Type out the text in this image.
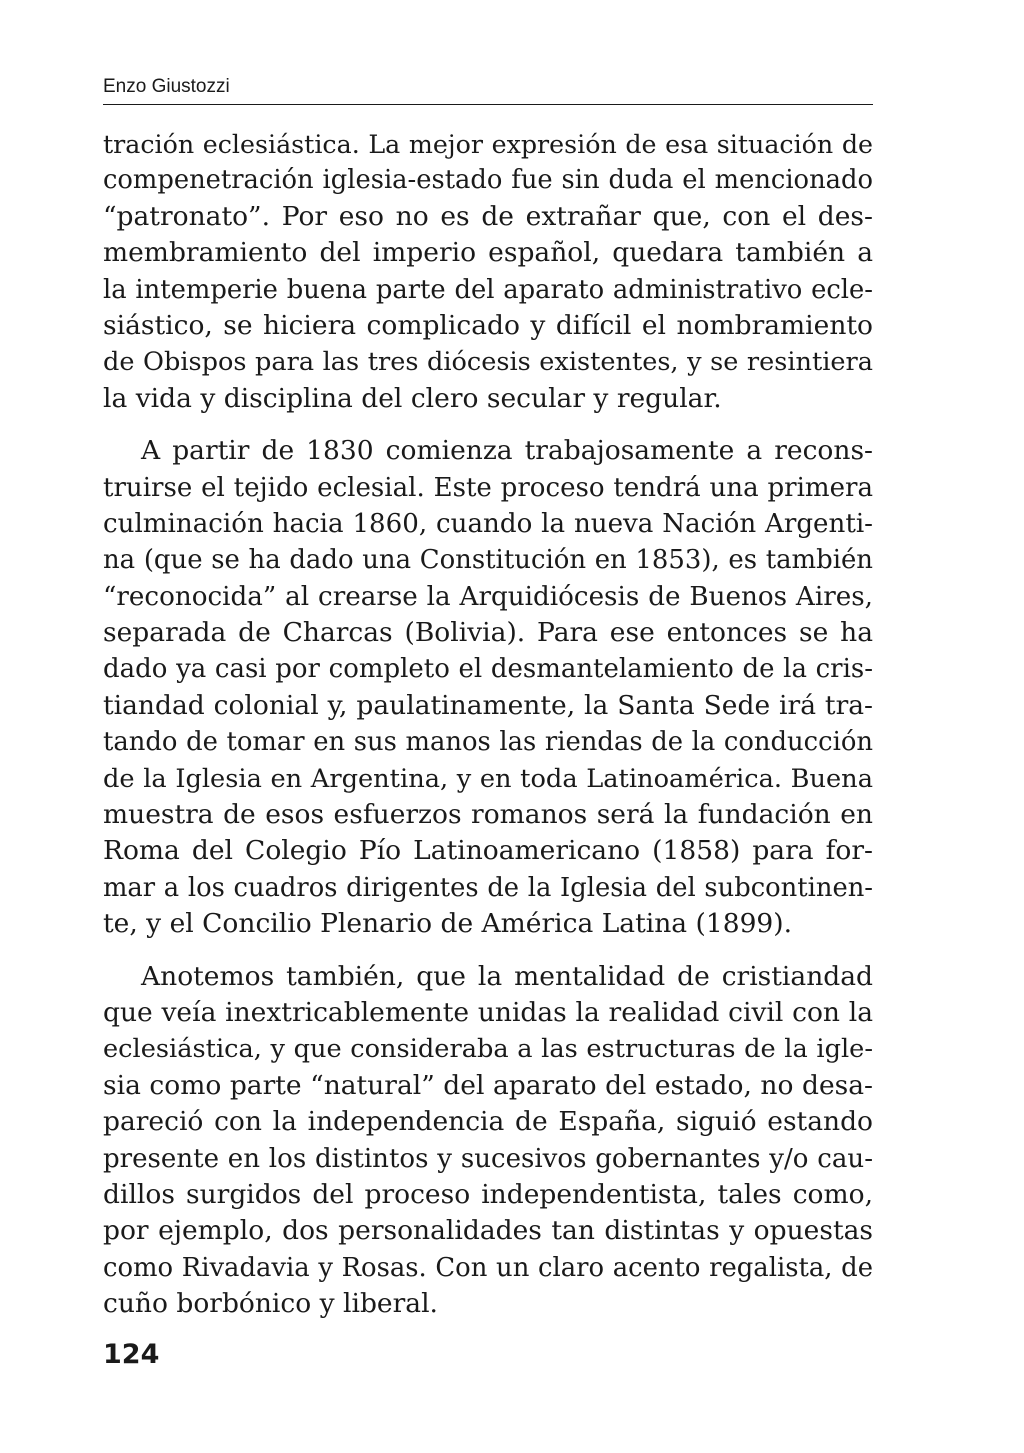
Enzo Giustozzi
tración eclesiástica. La mejor expresión de esa situación de
compenetración iglesia-estado fue sin duda el mencionado
“patronato”. Por eso no es de extrañar que, con el des-
membramiento del imperio español, quedara también a
la intemperie buena parte del aparato administrativo ecle-
siástico, se hiciera complicado y difícil el nombramiento
de Obispos para las tres diócesis existentes, y se resintiera
la vida y disciplina del clero secular y regular.
A partir de 1830 comienza trabajosamente a recons-
truirse el tejido eclesial. Este proceso tendrá una primera
culminación hacia 1860, cuando la nueva Nación Argenti-
na (que se ha dado una Constitución en 1853), es también
“reconocida” al crearse la Arquidiócesis de Buenos Aires,
separada de Charcas (Bolivia). Para ese entonces se ha
dado ya casi por completo el desmantelamiento de la cris-
tiandad colonial y, paulatinamente, la Santa Sede irá tra-
tando de tomar en sus manos las riendas de la conducción
de la Iglesia en Argentina, y en toda Latinoamérica. Buena
muestra de esos esfuerzos romanos será la fundación en
Roma del Colegio Pío Latinoamericano (1858) para for-
mar a los cuadros dirigentes de la Iglesia del subcontinen-
te, y el Concilio Plenario de América Latina (1899).
Anotemos también, que la mentalidad de cristiandad
que veía inextricablemente unidas la realidad civil con la
eclesiástica, y que consideraba a las estructuras de la igle-
sia como parte “natural” del aparato del estado, no desa-
pareció con la independencia de España, siguió estando
presente en los distintos y sucesivos gobernantes y/o cau-
dillos surgidos del proceso independentista, tales como,
por ejemplo, dos personalidades tan distintas y opuestas
como Rivadavia y Rosas. Con un claro acento regalista, de
cuño borbónico y liberal.
124
